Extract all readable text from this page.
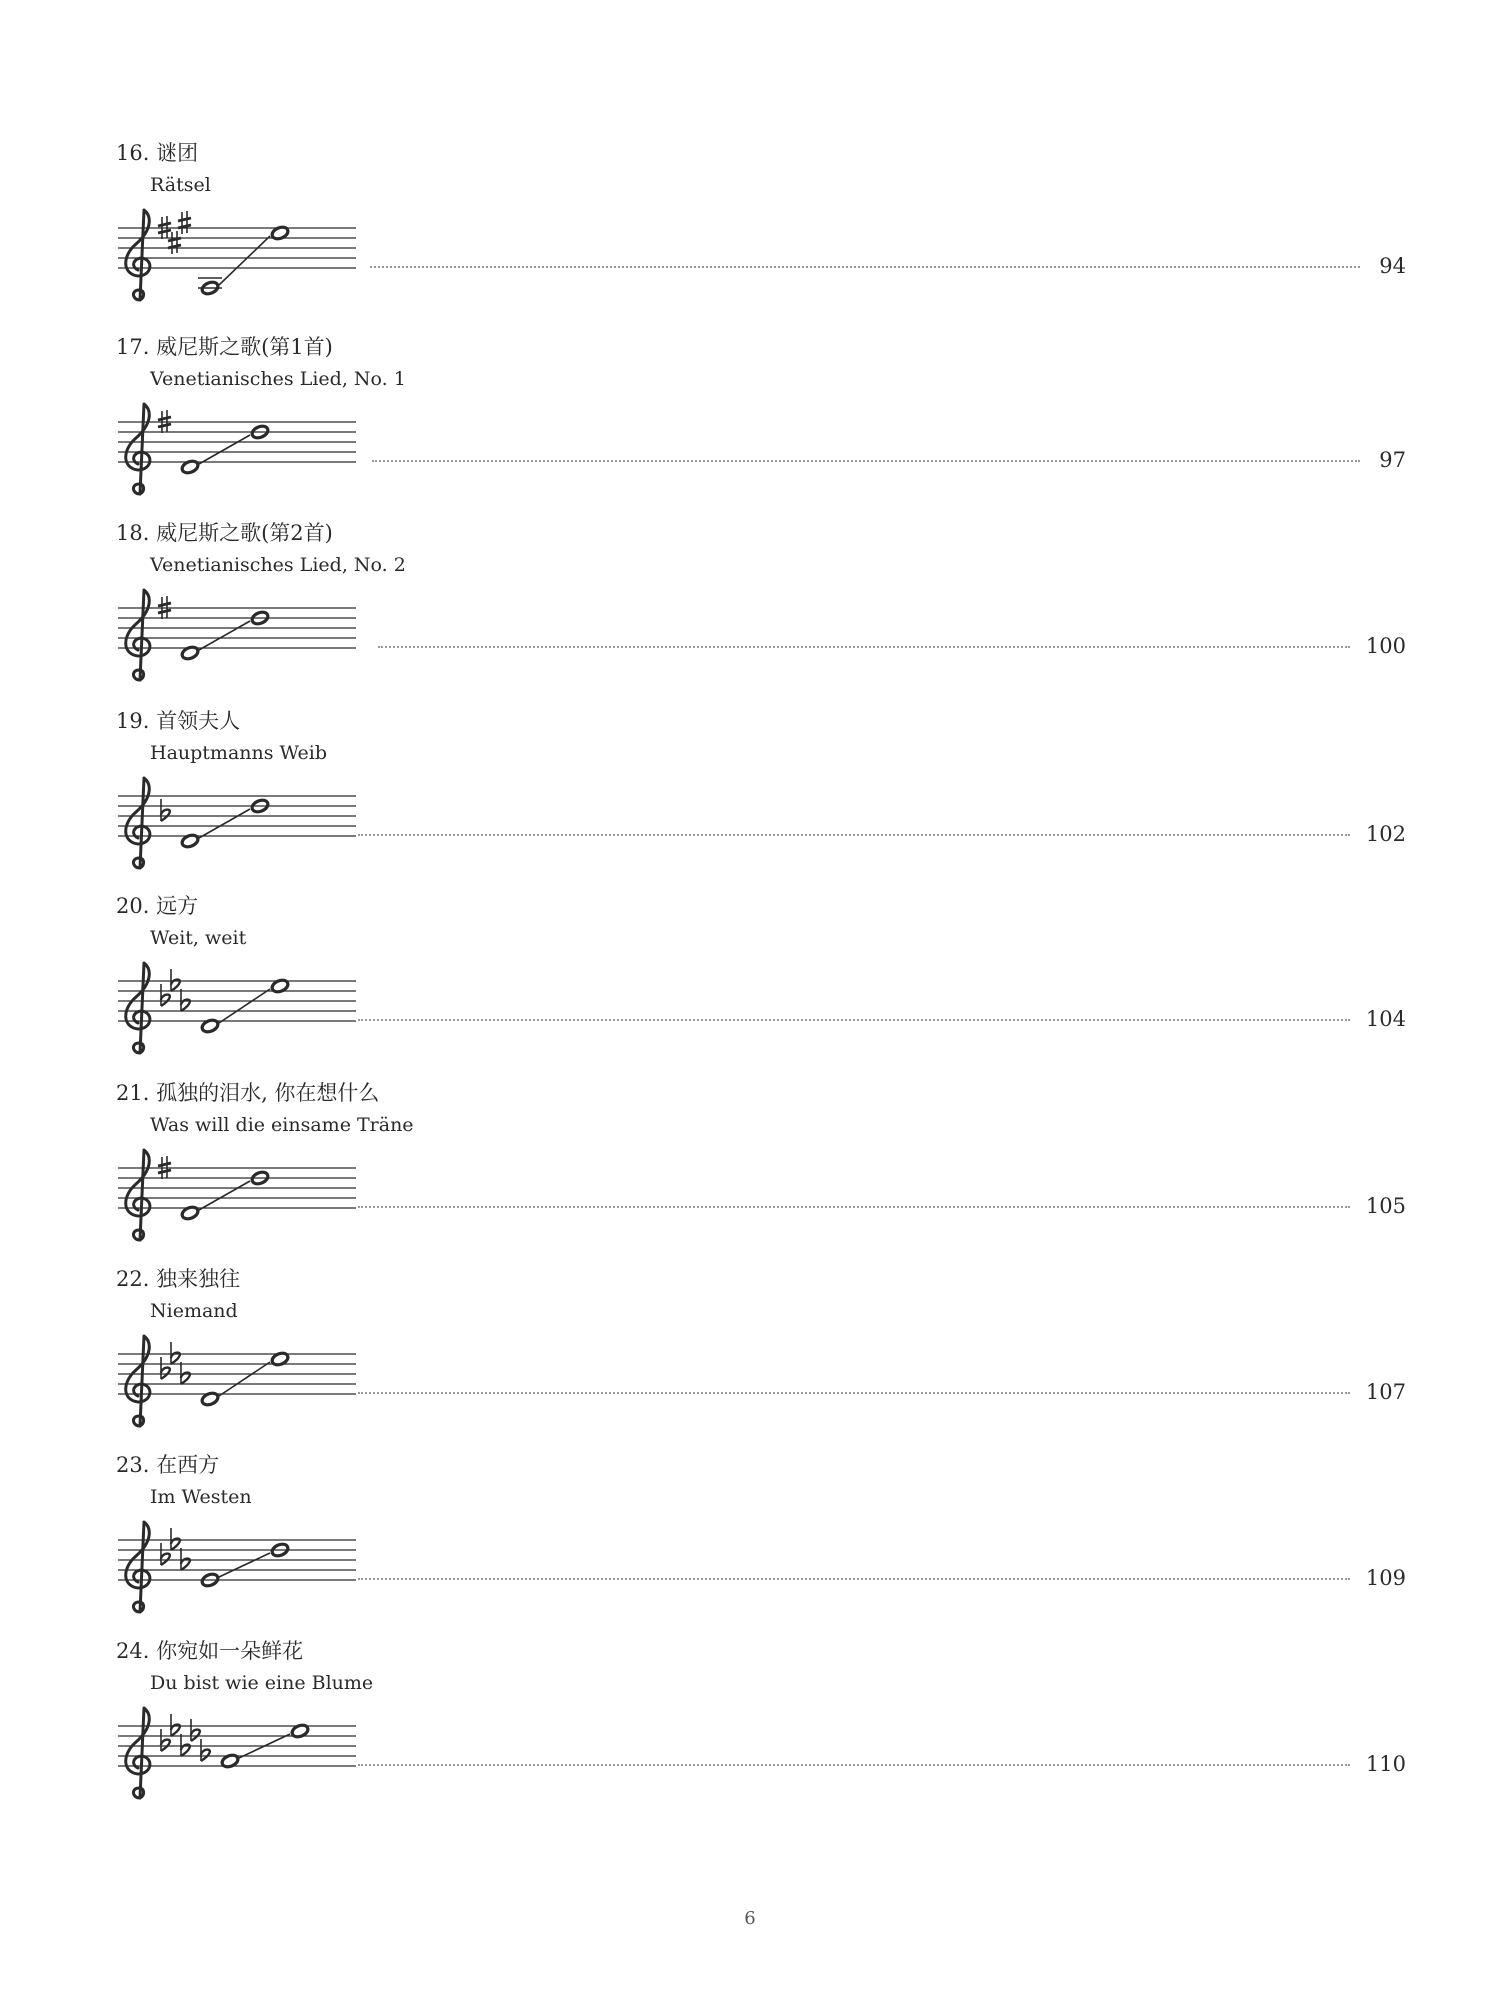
16. 谜团
Rätsel
94
17. 威尼斯之歌(第1首)
Venetianisches Lied, No. 1
97
18. 威尼斯之歌(第2首)
Venetianisches Lied, No. 2
100
19. 首领夫人
Hauptmanns Weib
102
20. 远方
Weit, weit
104
21. 孤独的泪水, 你在想什么
Was will die einsame Träne
105
22. 独来独往
Niemand
107
23. 在西方
Im Westen
109
24. 你宛如一朵鲜花
Du bist wie eine Blume
110
6
